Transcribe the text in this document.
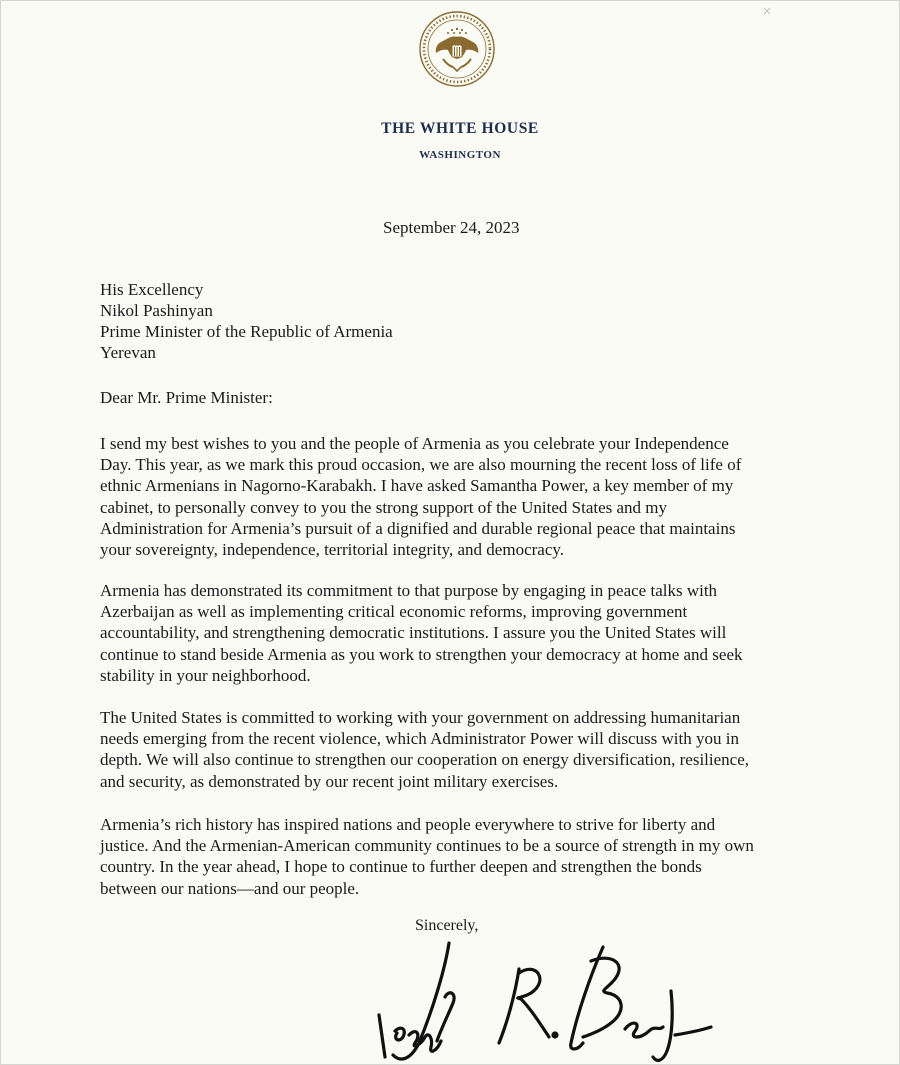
THE WHITE HOUSE
WASHINGTON
September 24, 2023
His Excellency
Nikol Pashinyan
Prime Minister of the Republic of Armenia
Yerevan
Dear Mr. Prime Minister:
I send my best wishes to you and the people of Armenia as you celebrate your Independence
Day. This year, as we mark this proud occasion, we are also mourning the recent loss of life of
ethnic Armenians in Nagorno-Karabakh. I have asked Samantha Power, a key member of my
cabinet, to personally convey to you the strong support of the United States and my
Administration for Armenia’s pursuit of a dignified and durable regional peace that maintains
your sovereignty, independence, territorial integrity, and democracy.
Armenia has demonstrated its commitment to that purpose by engaging in peace talks with
Azerbaijan as well as implementing critical economic reforms, improving government
accountability, and strengthening democratic institutions. I assure you the United States will
continue to stand beside Armenia as you work to strengthen your democracy at home and seek
stability in your neighborhood.
The United States is committed to working with your government on addressing humanitarian
needs emerging from the recent violence, which Administrator Power will discuss with you in
depth. We will also continue to strengthen our cooperation on energy diversification, resilience,
and security, as demonstrated by our recent joint military exercises.
Armenia’s rich history has inspired nations and people everywhere to strive for liberty and
justice. And the Armenian-American community continues to be a source of strength in my own
country. In the year ahead, I hope to continue to further deepen and strengthen the bonds
between our nations—and our people.
Sincerely,
